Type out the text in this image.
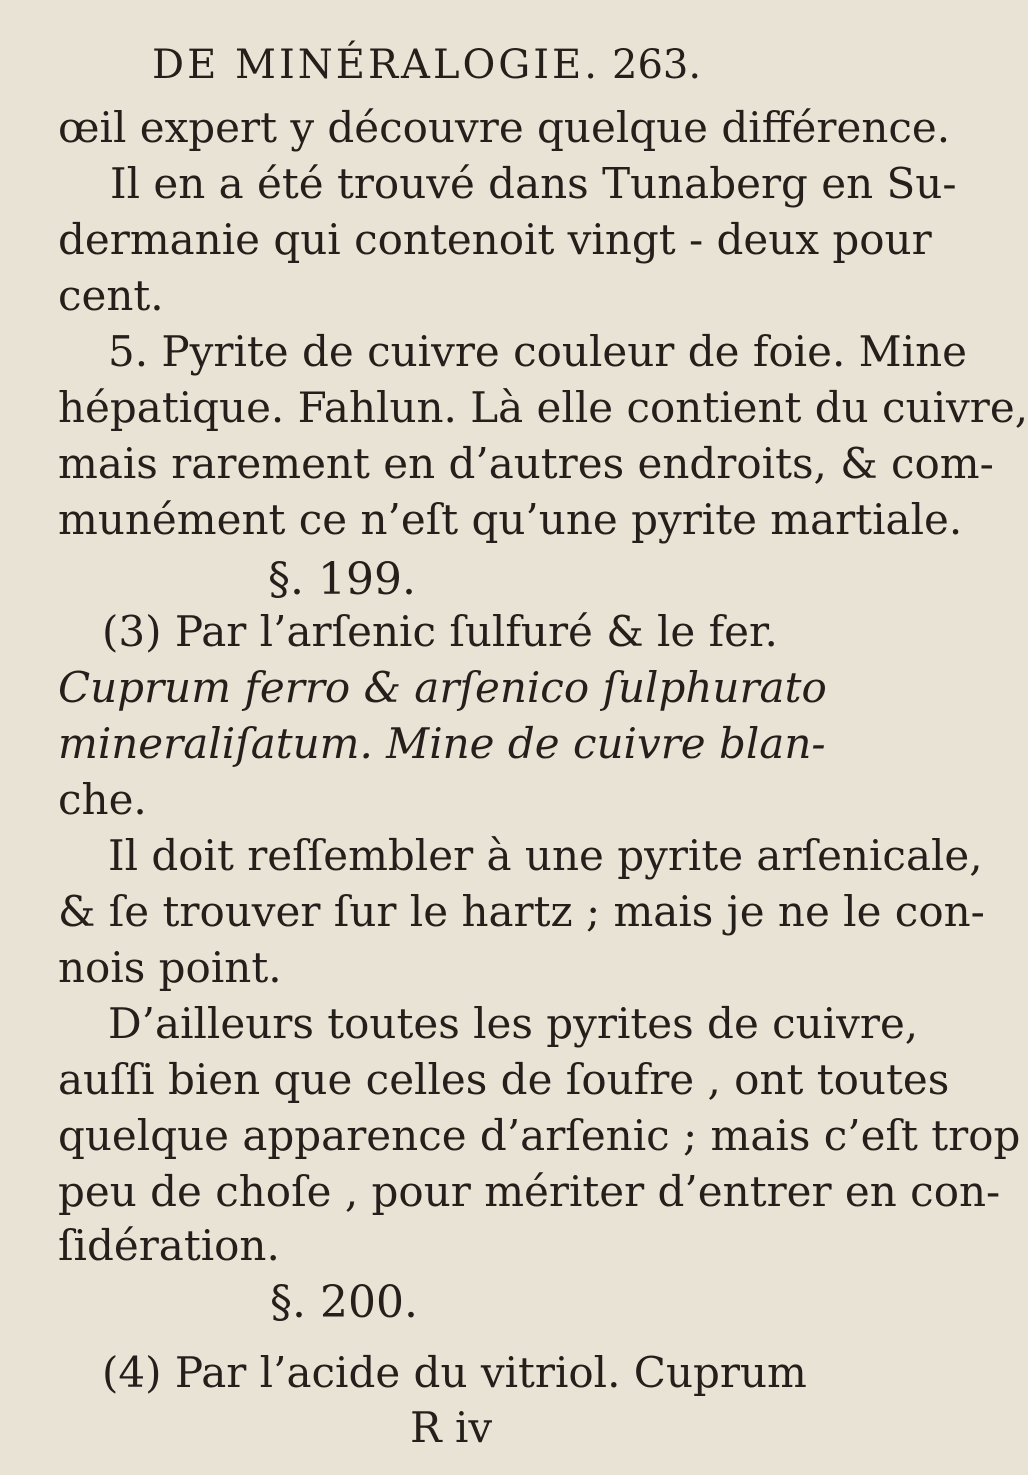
DE MINÉRALOGIE. 263.
œil expert y découvre quelque différence.
Il en a été trouvé dans Tunaberg en Su-
dermanie qui contenoit vingt - deux pour
cent.
5. Pyrite de cuivre couleur de foie. Mine
hépatique. Fahlun. Là elle contient du cuivre,
mais rarement en d’autres endroits, & com-
munément ce n’eſt qu’une pyrite martiale.
§. 199.
(3) Par l’arſenic ſulfuré & le fer.
Cuprum ferro & arſenico ſulphurato
mineraliſatum. Mine de cuivre blan-
che.
Il doit reſſembler à une pyrite arſenicale,
& ſe trouver ſur le hartz ; mais je ne le con-
nois point.
D’ailleurs toutes les pyrites de cuivre,
auſſi bien que celles de ſoufre , ont toutes
quelque apparence d’arſenic ; mais c’eſt trop
peu de choſe , pour mériter d’entrer en con-
ſidération.
§. 200.
(4) Par l’acide du vitriol. Cuprum
R iv
